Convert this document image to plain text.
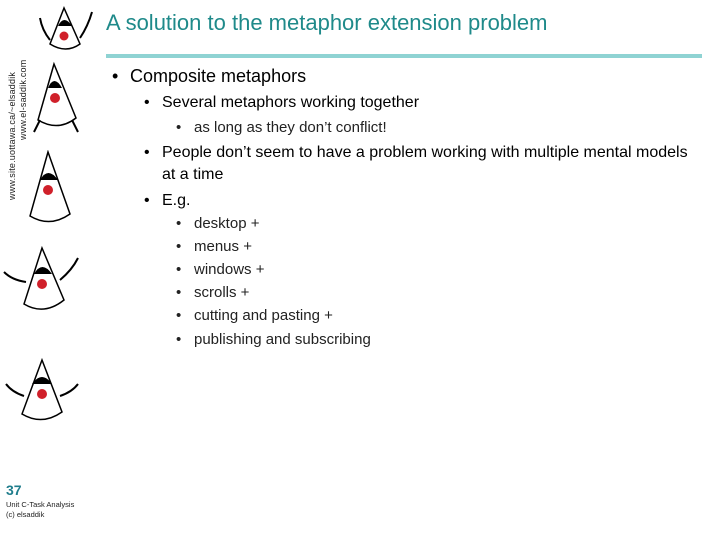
www.site.uottawa.ca/~elsaddik www.el-saddik.com
A solution to the metaphor extension problem
• Composite metaphors
• Several metaphors working together
• as long as they don’t conflict!
• People don’t seem to have a problem working with multiple mental models at a time
• E.g.
• desktop +
• menus +
• windows +
• scrolls +
• cutting and pasting +
• publishing and subscribing
37
Unit C-Task Analysis
(c) elsaddik
